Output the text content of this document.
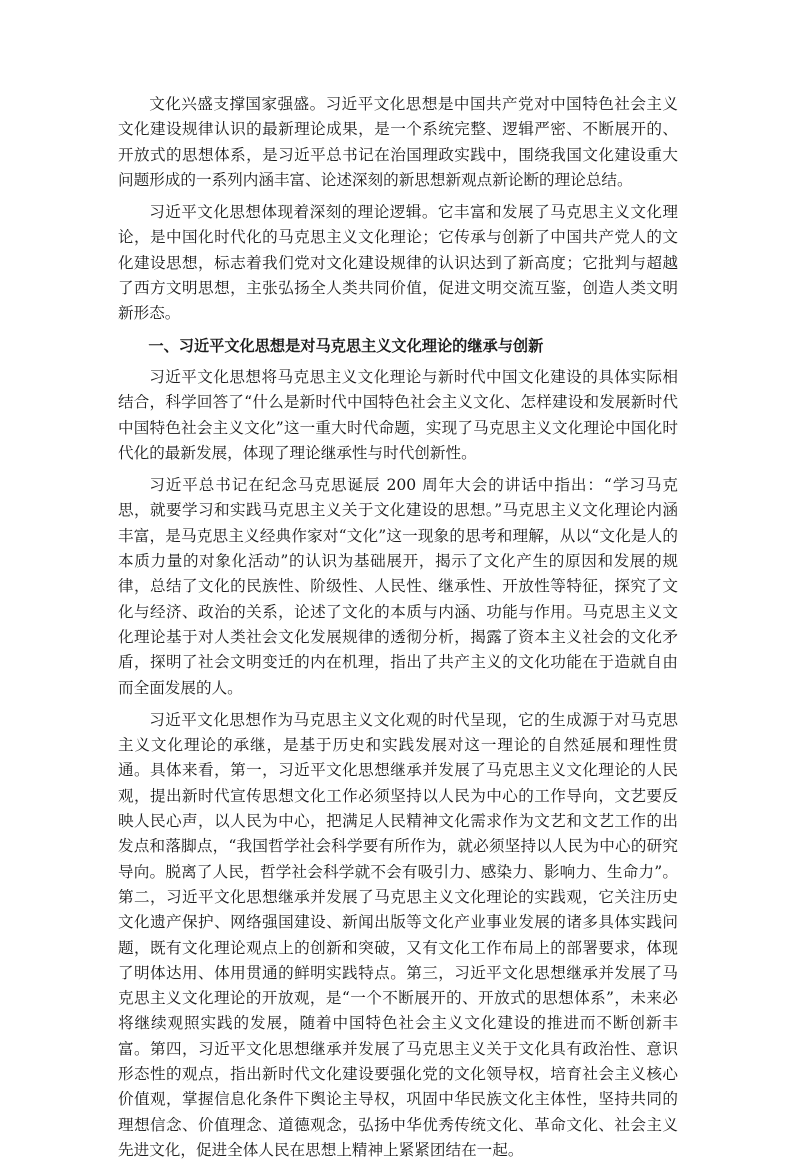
文化兴盛支撑国家强盛。习近平文化思想是中国共产党对中国特色社会主义文化建设规律认识的最新理论成果，是一个系统完整、逻辑严密、不断展开的、开放式的思想体系，是习近平总书记在治国理政实践中，围绕我国文化建设重大问题形成的一系列内涵丰富、论述深刻的新思想新观点新论断的理论总结。

习近平文化思想体现着深刻的理论逻辑。它丰富和发展了马克思主义文化理论，是中国化时代化的马克思主义文化理论；它传承与创新了中国共产党人的文化建设思想，标志着我们党对文化建设规律的认识达到了新高度；它批判与超越了西方文明思想，主张弘扬全人类共同价值，促进文明交流互鉴，创造人类文明新形态。

一、习近平文化思想是对马克思主义文化理论的继承与创新

习近平文化思想将马克思主义文化理论与新时代中国文化建设的具体实际相结合，科学回答了“什么是新时代中国特色社会主义文化、怎样建设和发展新时代中国特色社会主义文化”这一重大时代命题，实现了马克思主义文化理论中国化时代化的最新发展，体现了理论继承性与时代创新性。

习近平总书记在纪念马克思诞辰 200 周年大会的讲话中指出：“学习马克思，就要学习和实践马克思主义关于文化建设的思想。”马克思主义文化理论内涵丰富，是马克思主义经典作家对“文化”这一现象的思考和理解，从以“文化是人的本质力量的对象化活动”的认识为基础展开，揭示了文化产生的原因和发展的规律，总结了文化的民族性、阶级性、人民性、继承性、开放性等特征，探究了文化与经济、政治的关系，论述了文化的本质与内涵、功能与作用。马克思主义文化理论基于对人类社会文化发展规律的透彻分析，揭露了资本主义社会的文化矛盾，探明了社会文明变迁的内在机理，指出了共产主义的文化功能在于造就自由而全面发展的人。

习近平文化思想作为马克思主义文化观的时代呈现，它的生成源于对马克思主义文化理论的承继，是基于历史和实践发展对这一理论的自然延展和理性贯通。具体来看，第一，习近平文化思想继承并发展了马克思主义文化理论的人民观，提出新时代宣传思想文化工作必须坚持以人民为中心的工作导向，文艺要反映人民心声，以人民为中心，把满足人民精神文化需求作为文艺和文艺工作的出发点和落脚点，“我国哲学社会科学要有所作为，就必须坚持以人民为中心的研究导向。脱离了人民，哲学社会科学就不会有吸引力、感染力、影响力、生命力”。第二，习近平文化思想继承并发展了马克思主义文化理论的实践观，它关注历史文化遗产保护、网络强国建设、新闻出版等文化产业事业发展的诸多具体实践问题，既有文化理论观点上的创新和突破，又有文化工作布局上的部署要求，体现了明体达用、体用贯通的鲜明实践特点。第三，习近平文化思想继承并发展了马克思主义文化理论的开放观，是“一个不断展开的、开放式的思想体系”，未来必将继续观照实践的发展，随着中国特色社会主义文化建设的推进而不断创新丰富。第四，习近平文化思想继承并发展了马克思主义关于文化具有政治性、意识形态性的观点，指出新时代文化建设要强化党的文化领导权，培育社会主义核心价值观，掌握信息化条件下舆论主导权，巩固中华民族文化主体性，坚持共同的理想信念、价值理念、道德观念，弘扬中华优秀传统文化、革命文化、社会主义先进文化，促进全体人民在思想上精神上紧紧团结在一起。
